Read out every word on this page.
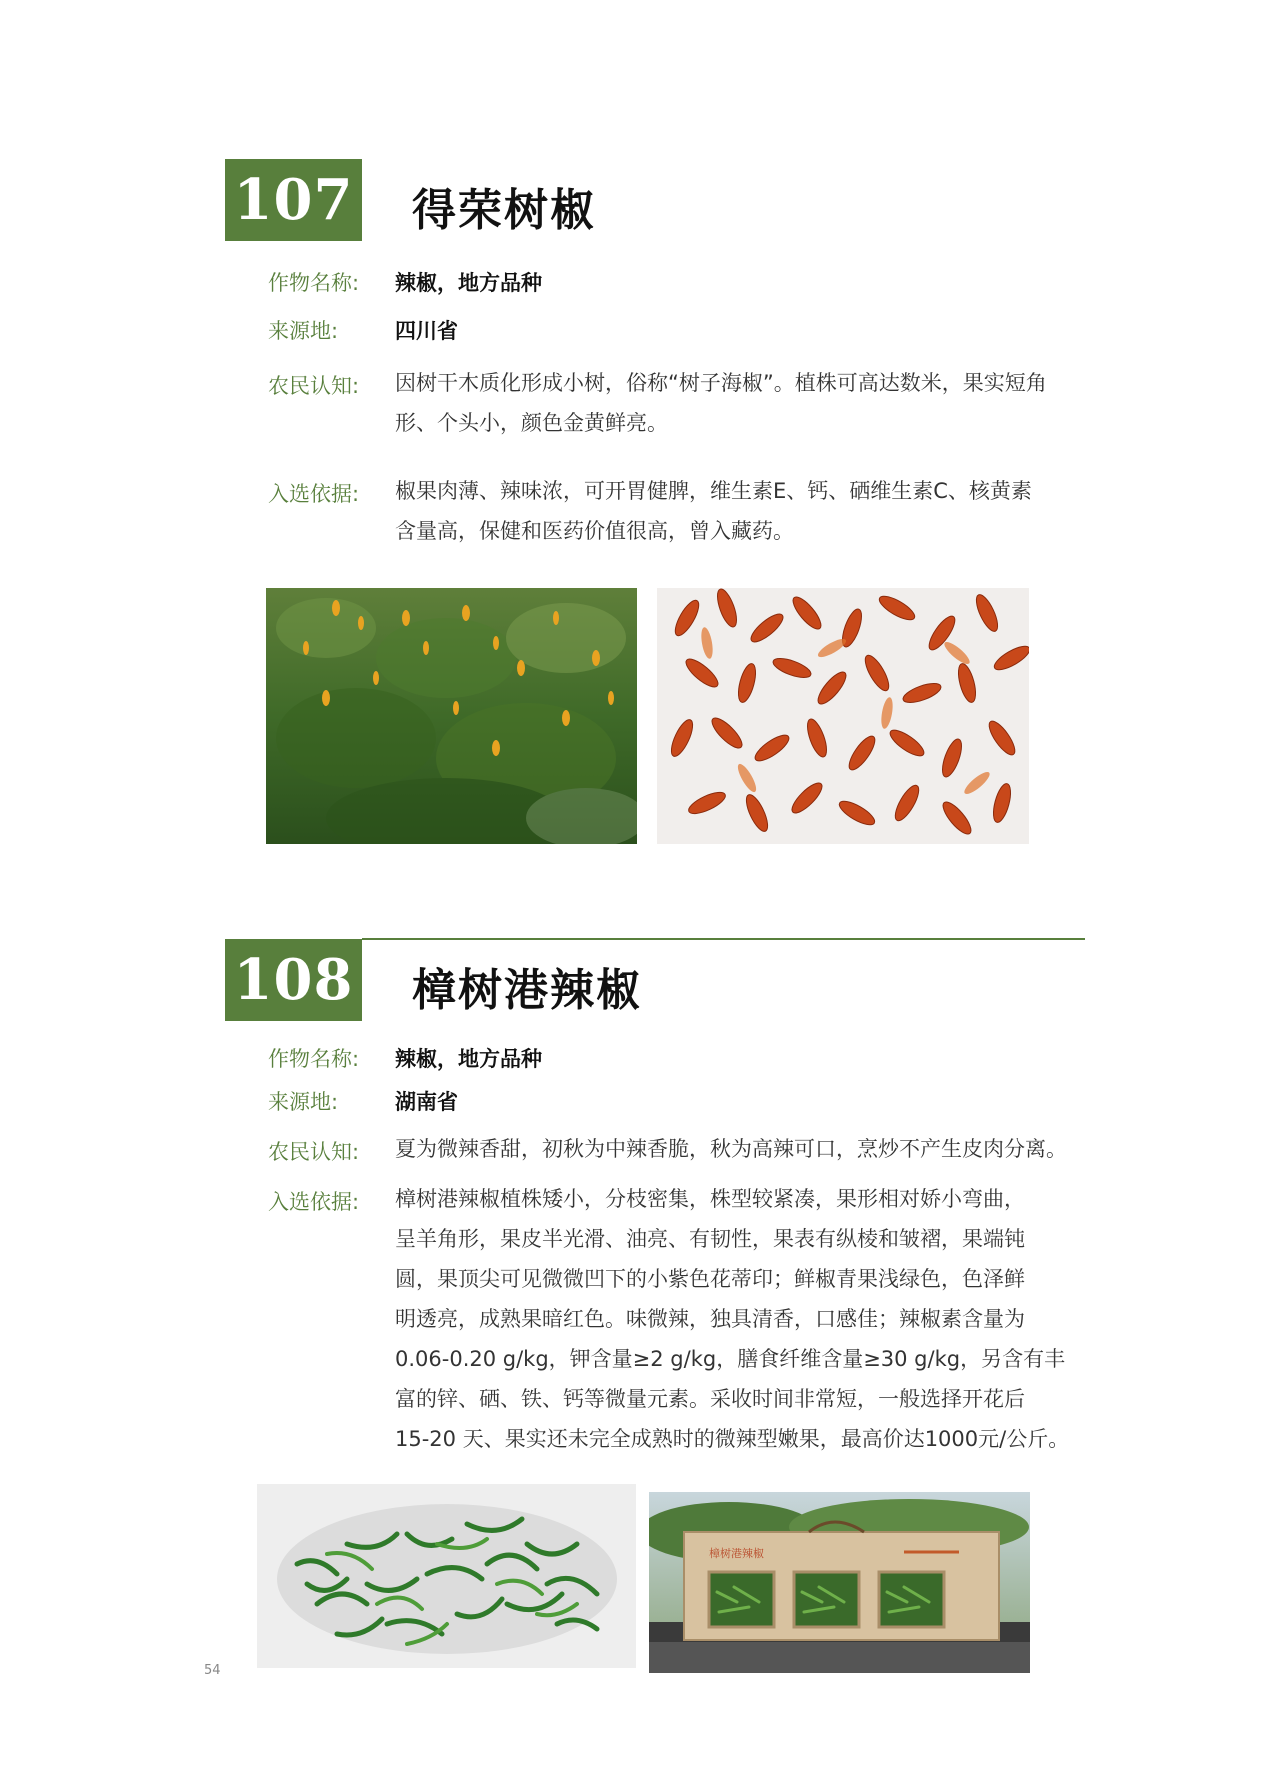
107 得荣树椒
作物名称: 辣椒，地方品种
来源地:	四川省
农民认知: 因树干木质化形成小树，俗称“树子海椒”。植株可高达数米，果实短角
形、个头小，颜色金黄鲜亮。
入选依据: 椒果肉薄、辣味浓，可开胃健脾，维生素E、钙、硒维生素C、核黄素
含量高，保健和医药价值很高，曾入藏药。
108 樟树港辣椒
作物名称: 辣椒，地方品种
来源地:	湖南省
农民认知: 夏为微辣香甜，初秋为中辣香脆，秋为高辣可口，烹炒不产生皮肉分离。
入选依据: 樟树港辣椒植株矮小，分枝密集，株型较紧凑，果形相对娇小弯曲，
呈羊角形，果皮半光滑、油亮、有韧性，果表有纵棱和皱褶，果端钝
圆，果顶尖可见微微凹下的小紫色花蒂印；鲜椒青果浅绿色，色泽鲜
明透亮，成熟果暗红色。味微辣，独具清香，口感佳；辣椒素含量为
0.06-0.20 g/kg，钾含量≥2 g/kg，膳食纤维含量≥30 g/kg，另含有丰
富的锌、硒、铁、钙等微量元素。采收时间非常短，一般选择开花后
15-20 天、果实还未完全成熟时的微辣型嫩果，最高价达1000元/公斤。
樟树港辣椒
54
